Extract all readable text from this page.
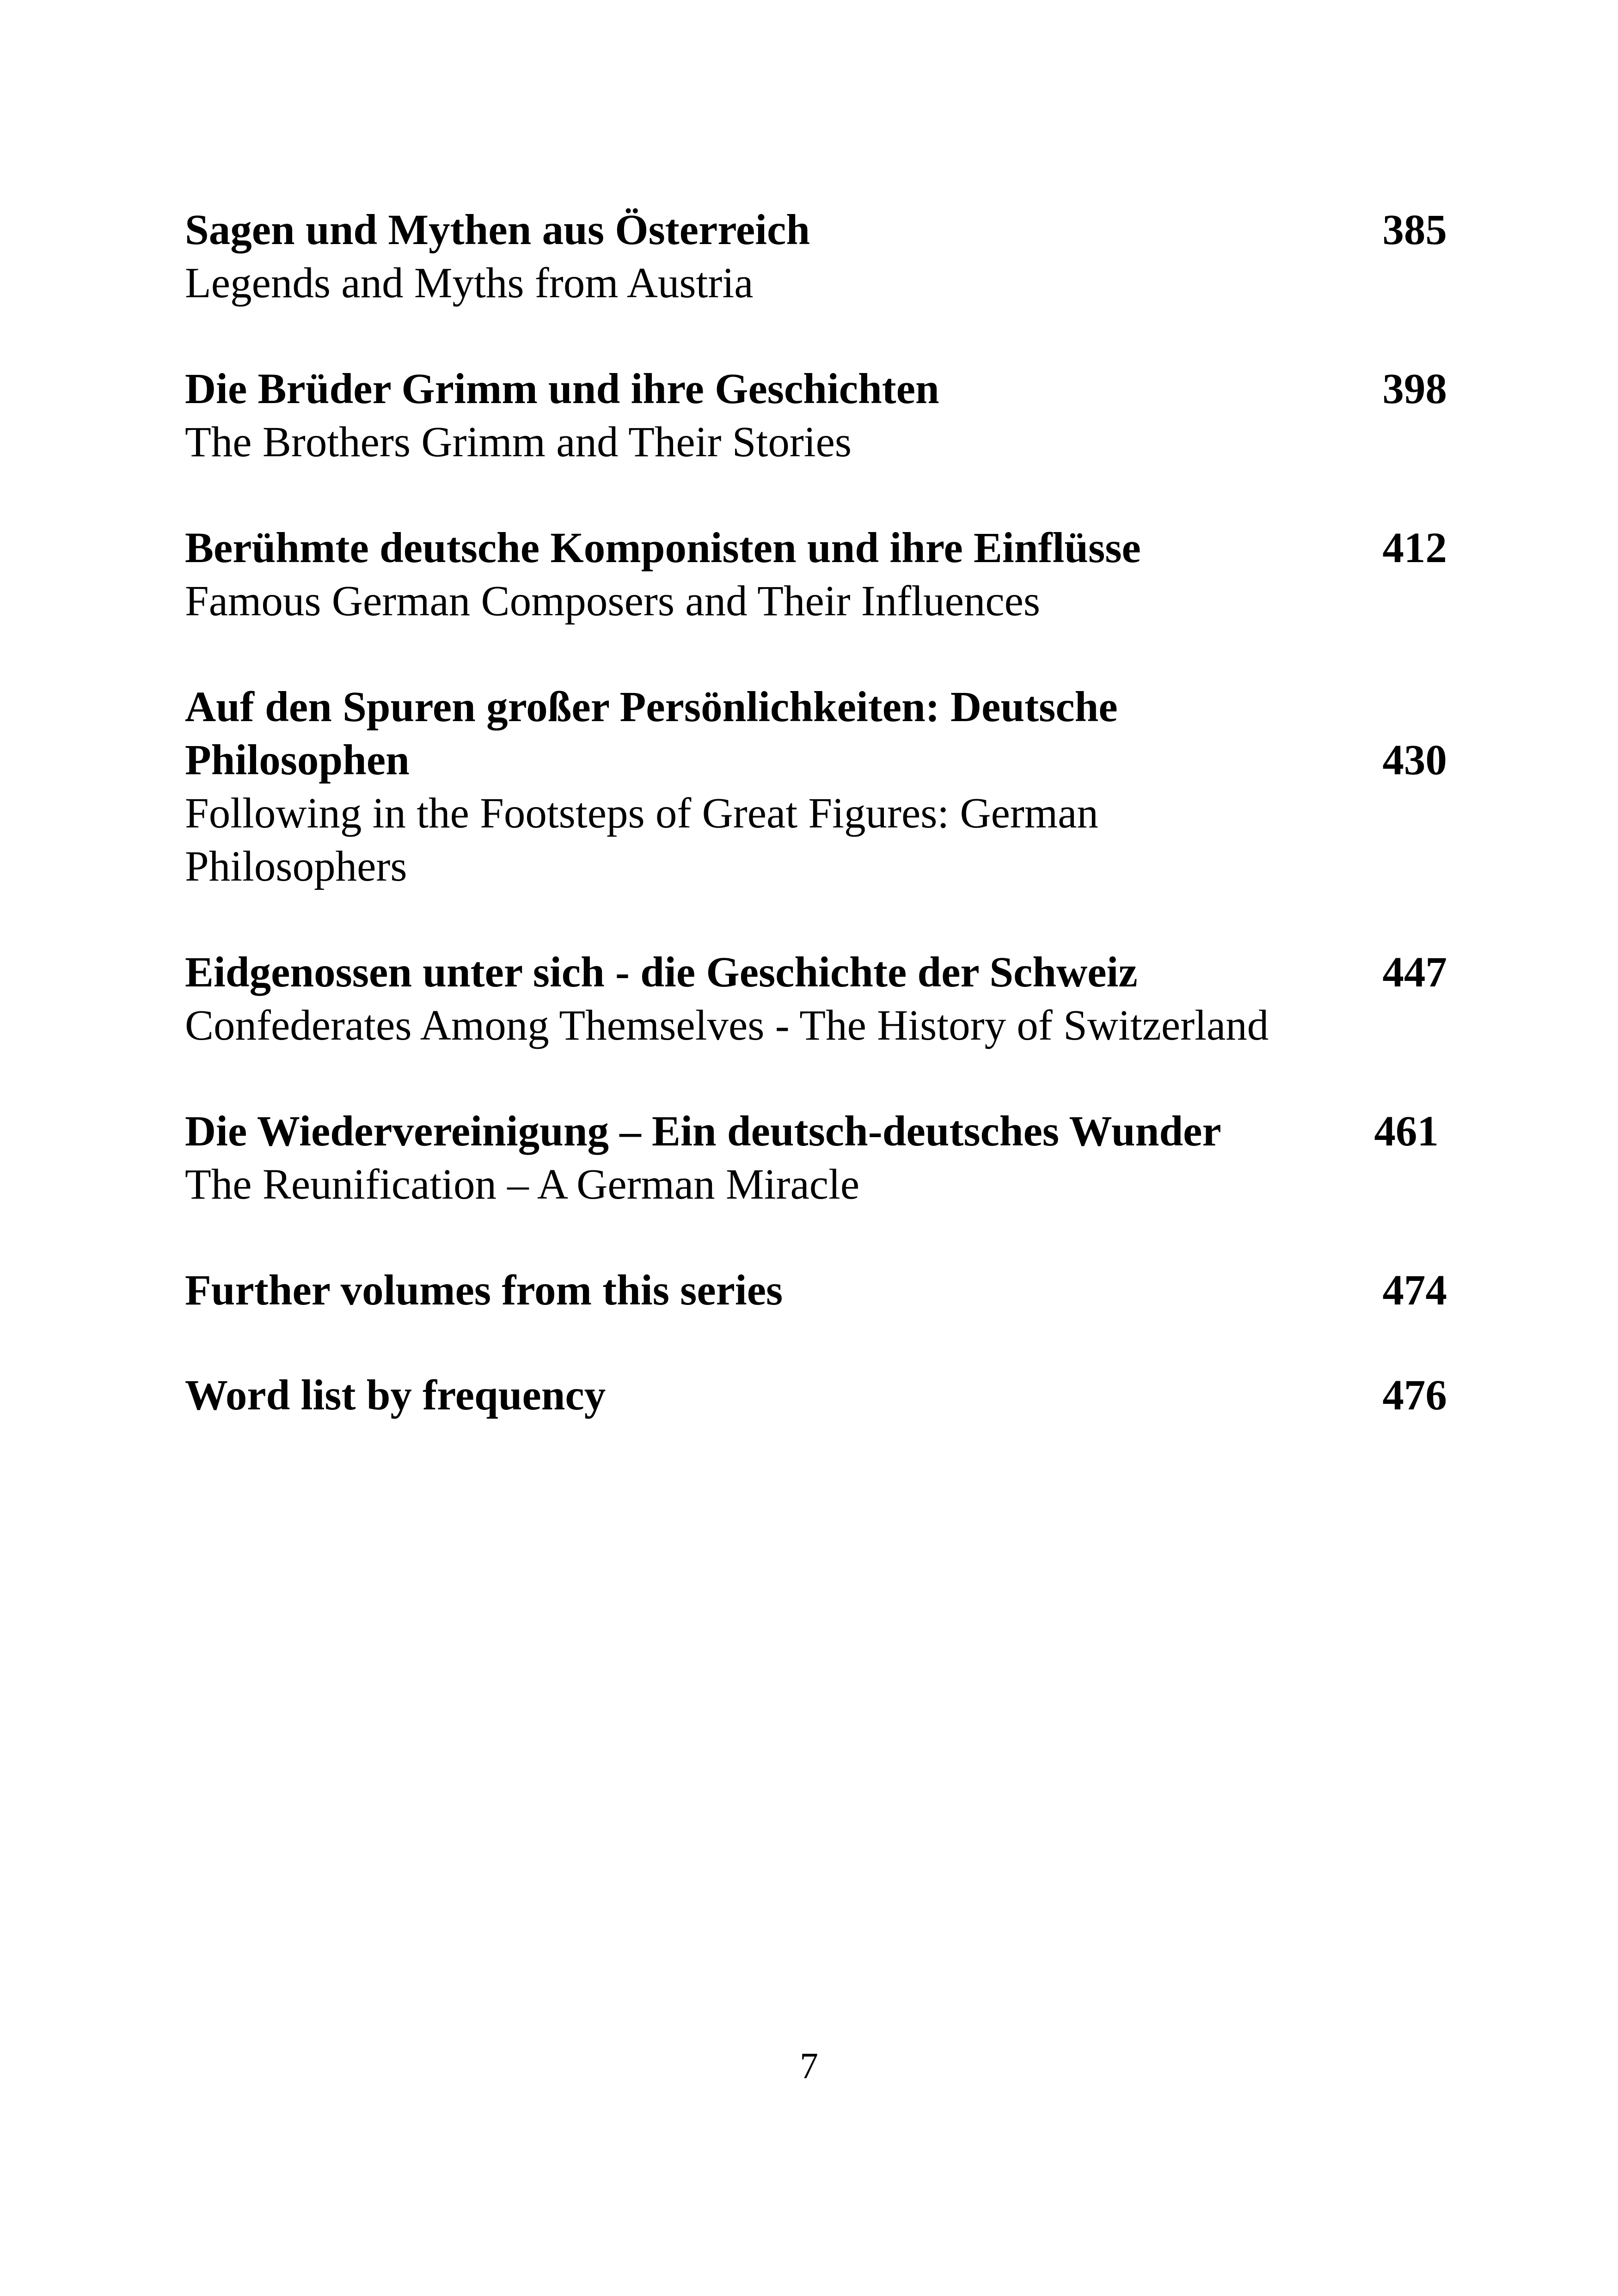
Sagen und Mythen aus Österreich	385
Legends and Myths from Austria
Die Brüder Grimm und ihre Geschichten	398
The Brothers Grimm and Their Stories
Berühmte deutsche Komponisten und ihre Einflüsse	412
Famous German Composers and Their Influences
Auf den Spuren großer Persönlichkeiten: Deutsche Philosophen	430
Following in the Footsteps of Great Figures: German Philosophers
Eidgenossen unter sich - die Geschichte der Schweiz	447
Confederates Among Themselves - The History of Switzerland
Die Wiedervereinigung – Ein deutsch-deutsches Wunder	461
The Reunification – A German Miracle
Further volumes from this series	474
Word list by frequency	476
7
